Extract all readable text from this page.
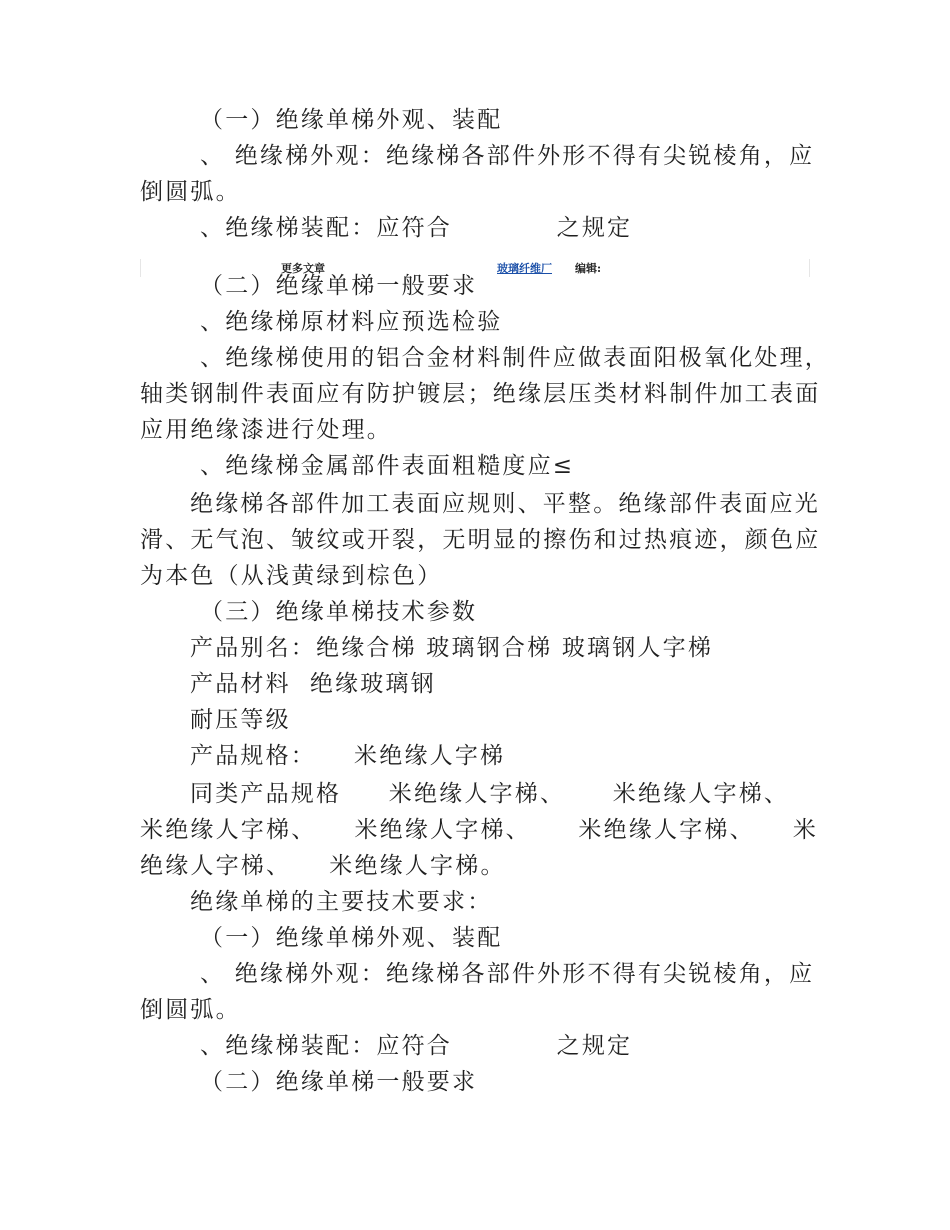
（一）绝缘单梯外观、装配

、 绝缘梯外观：绝缘梯各部件外形不得有尖锐棱角，应

倒圆弧。

、绝缘梯装配：应符合           之规定

更多文章	玻璃纤维厂 编辑:

（二）绝缘单梯一般要求

、绝缘梯原材料应预选检验

、绝缘梯使用的铝合金材料制件应做表面阳极氧化处理，

轴类钢制件表面应有防护镀层；绝缘层压类材料制件加工表面

应用绝缘漆进行处理。

、绝缘梯金属部件表面粗糙度应≤

绝缘梯各部件加工表面应规则、平整。绝缘部件表面应光

滑、无气泡、皱纹或开裂，无明显的擦伤和过热痕迹，颜色应

为本色（从浅黄绿到棕色）

（三）绝缘单梯技术参数

产品别名：绝缘合梯 玻璃钢合梯 玻璃钢人字梯

产品材料  绝缘玻璃钢

耐压等级

产品规格：    米绝缘人字梯

同类产品规格     米绝缘人字梯、     米绝缘人字梯、

米绝缘人字梯、    米绝缘人字梯、     米绝缘人字梯、    米

绝缘人字梯、    米绝缘人字梯。

绝缘单梯的主要技术要求：

（一）绝缘单梯外观、装配

、 绝缘梯外观：绝缘梯各部件外形不得有尖锐棱角，应

倒圆弧。

、绝缘梯装配：应符合           之规定

（二）绝缘单梯一般要求
